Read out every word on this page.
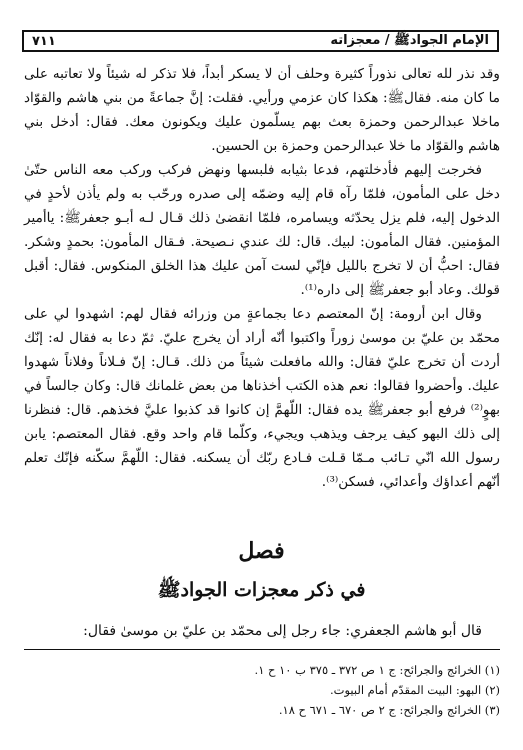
الإمام الجوادﷺ / معجزاته
٧١١

وقد نذر لله تعالى نذوراً كثيرة وحلف أن لا يسكر أبداً، فلا تذكر له شيئاً ولا تعاتبه على ما كان منه. فقالﷺ: هكذا كان عزمي ورأيي. فقلت: إنَّ جماعةً من بني هاشم والقوّاد ماخلا عبدالرحمن وحمزة بعث بهم يسلّمون عليك ويكونون معك. فقال: أدخل بني هاشم والقوّاد ما خلا عبدالرحمن وحمزة بن الحسين.

فخرجت إليهم فأدخلتهم، فدعا بثيابه فلبسها ونهض فركب وركب معه الناس حتّىٰ دخل على المأمون، فلمّا رآه قام إليه وضمّه إلى صدره ورحّب به ولم يأذن لأحدٍ في الدخول إليه، فلم يزل يحدّثه ويسامره، فلمّا انقضىٰ ذلك قـال لـه أبـو جعفرﷺ: ياأمير المؤمنين. فقال المأمون: لبيك. قال: لك عندي نـصيحة. فـقال المأمون: بحمدٍ وشكر. فقال: احبُّ أن لا تخرج بالليل فإنّي لست آمن عليك هذا الخلق المنكوس. فقال: أقبل قولك. وعاد أبو جعفرﷺ إلى داره⁽¹⁾.

وقال ابن أرومة: إنّ المعتصم دعا بجماعةٍ من وزرائه فقال لهم: اشهدوا لي على محمّد بن عليّ بن موسىٰ زوراً واكتبوا أنّه أراد أن يخرج عليّ. ثمّ دعا به فقال له: إنّك أردت أن تخرج عليّ فقال: والله مافعلت شيئاً من ذلك. قـال: إنّ فـلاناً وفلاناً شهدوا عليك. وأحضروا فقالوا: نعم هذه الكتب أخذناها من بعض غلمانك قال: وكان جالساً في بهوٍ⁽²⁾ فرفع أبو جعفرﷺ يده فقال: اللّهمَّ إن كانوا قد كذبوا عليَّ فخذهم. قال: فنظرنا إلى ذلك البهو كيف يرجف ويذهب ويجيء، وكلّما قام واحد وقع. فقال المعتصم: يابن رسول الله انّي تـائب مـمّا قـلت فـادع ربّك أن يسكنه. فقال: اللّهمَّ سكّنه فإنّك تعلم أنّهم أعداؤك وأعدائي، فسكن⁽³⁾.

فصل
في ذكر معجزات الجوادﷺ
قال أبو هاشم الجعفري: جاء رجل إلى محمّد بن عليّ بن موسىٰ فقال:
(١) الخرائج والجرائح: ج ١ ص ٣٧٢ ـ ٣٧٥ ب ١٠ ح ١.
(٢) البهو: البيت المقدّم أمام البيوت.
(٣) الخرائج والجرائح: ج ٢ ص ٦٧٠ ـ ٦٧١ ح ١٨.
